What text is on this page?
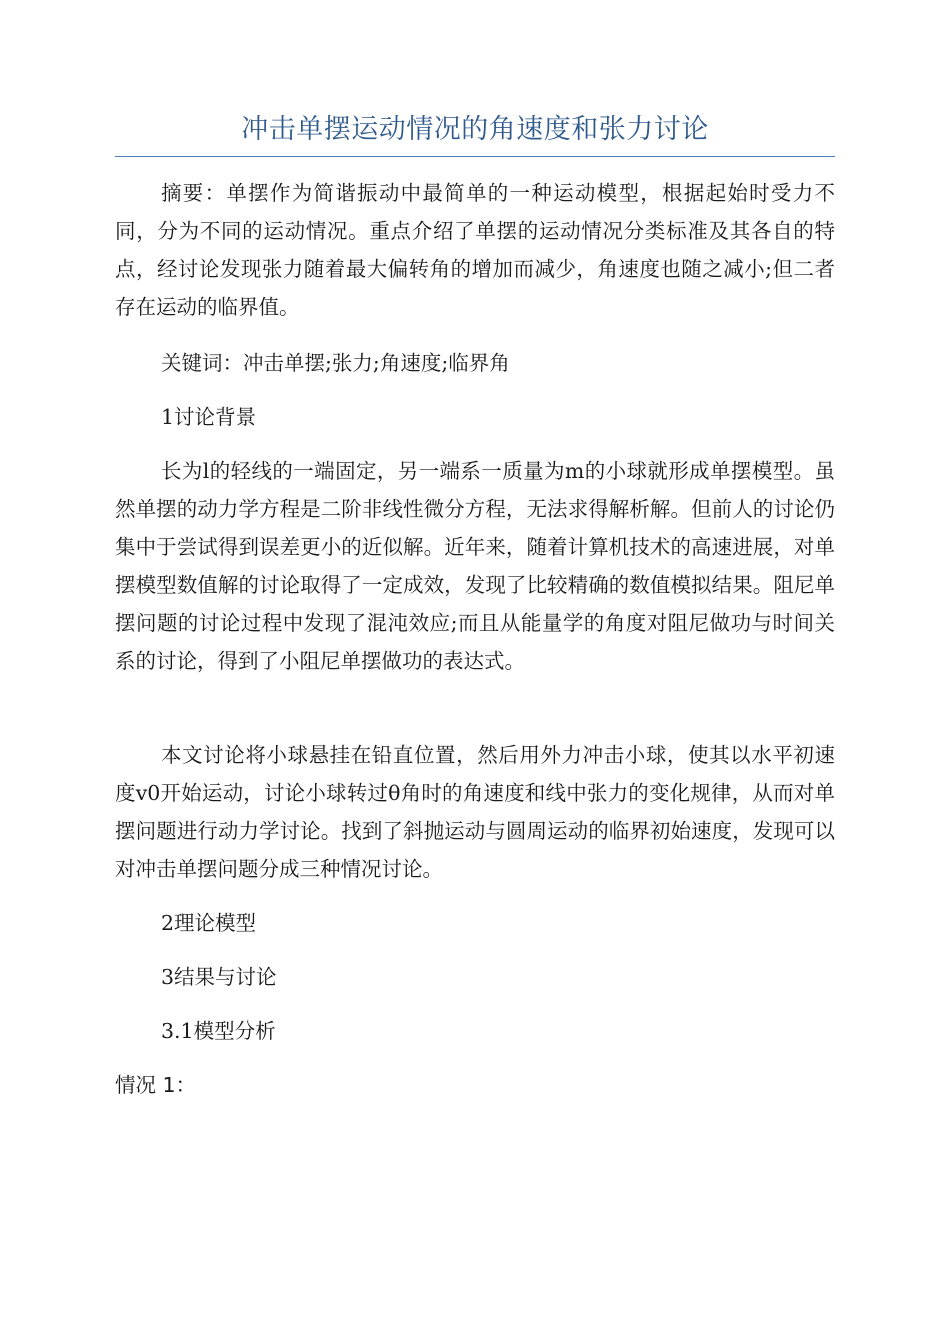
冲击单摆运动情况的角速度和张力讨论

摘要：单摆作为简谐振动中最简单的一种运动模型，根据起始时受力不同，分为不同的运动情况。重点介绍了单摆的运动情况分类标准及其各自的特点，经讨论发现张力随着最大偏转角的增加而减少，角速度也随之减小;但二者存在运动的临界值。

关键词：冲击单摆;张力;角速度;临界角

1讨论背景

长为l的轻线的一端固定，另一端系一质量为m的小球就形成单摆模型。虽然单摆的动力学方程是二阶非线性微分方程，无法求得解析解。但前人的讨论仍集中于尝试得到误差更小的近似解。近年来，随着计算机技术的高速进展，对单摆模型数值解的讨论取得了一定成效，发现了比较精确的数值模拟结果。阻尼单摆问题的讨论过程中发现了混沌效应;而且从能量学的角度对阻尼做功与时间关系的讨论，得到了小阻尼单摆做功的表达式。

本文讨论将小球悬挂在铅直位置，然后用外力冲击小球，使其以水平初速度v0开始运动，讨论小球转过θ角时的角速度和线中张力的变化规律，从而对单摆问题进行动力学讨论。找到了斜抛运动与圆周运动的临界初始速度，发现可以对冲击单摆问题分成三种情况讨论。

2理论模型

3结果与讨论

3.1模型分析

情况 1：
